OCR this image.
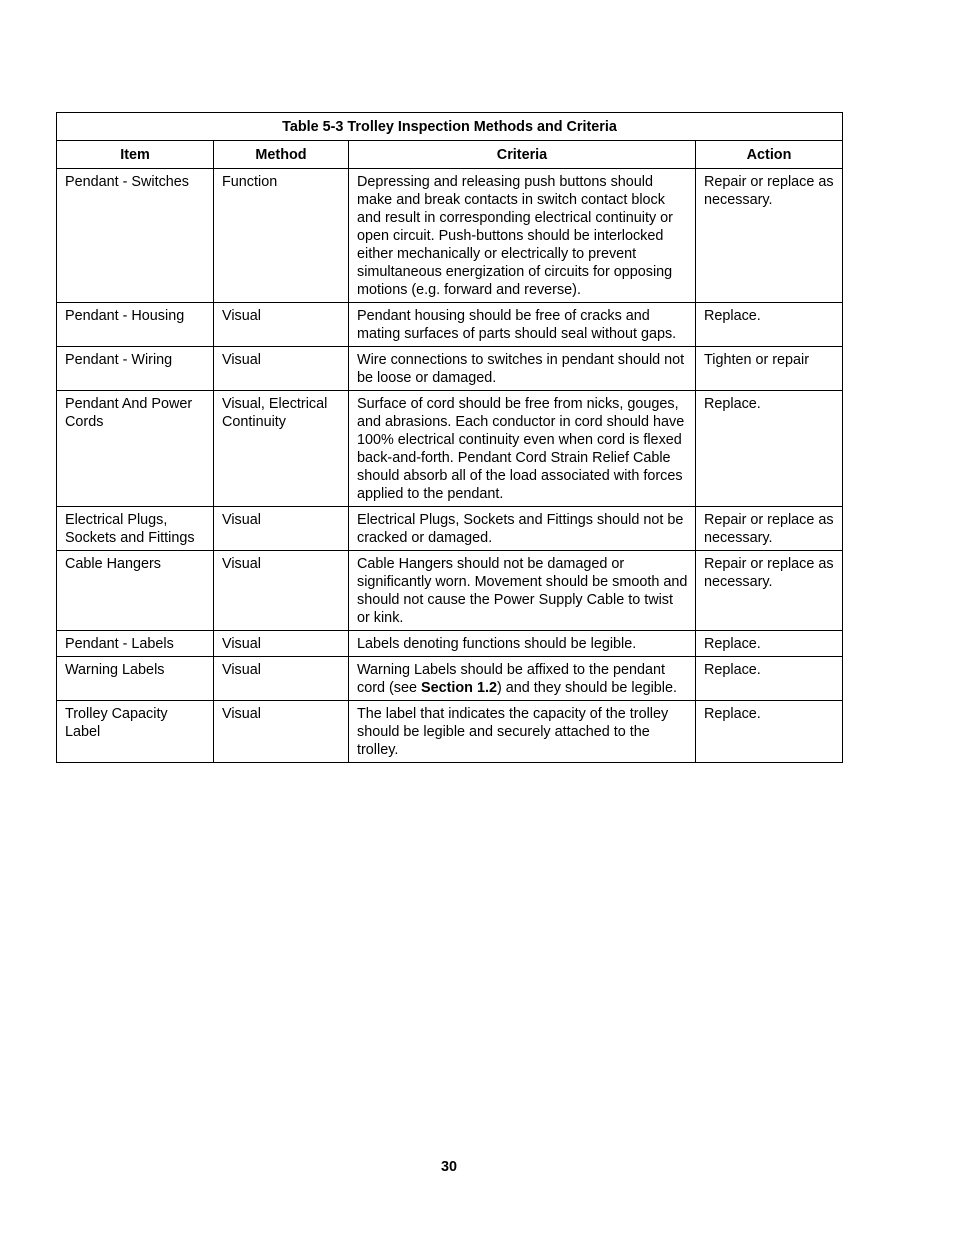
Table 5-3 Trolley Inspection Methods and Criteria			
Item	Method	Criteria	Action
Pendant - Switches	Function	Depressing and releasing push buttons should make and break contacts in switch contact block and result in corresponding electrical continuity or open circuit. Push-buttons should be interlocked either mechanically or electrically to prevent simultaneous energization of circuits for opposing motions (e.g. forward and reverse).	Repair or replace as necessary.
Pendant - Housing	Visual	Pendant housing should be free of cracks and mating surfaces of parts should seal without gaps.	Replace.
Pendant - Wiring	Visual	Wire connections to switches in pendant should not be loose or damaged.	Tighten or repair
Pendant And Power Cords	Visual, Electrical Continuity	Surface of cord should be free from nicks, gouges, and abrasions. Each conductor in cord should have 100% electrical continuity even when cord is flexed back-and-forth. Pendant Cord Strain Relief Cable should absorb all of the load associated with forces applied to the pendant.	Replace.
Electrical Plugs, Sockets and Fittings	Visual	Electrical Plugs, Sockets and Fittings should not be cracked or damaged.	Repair or replace as necessary.
Cable Hangers	Visual	Cable Hangers should not be damaged or significantly worn. Movement should be smooth and should not cause the Power Supply Cable to twist or kink.	Repair or replace as necessary.
Pendant - Labels	Visual	Labels denoting functions should be legible.	Replace.
Warning Labels	Visual	Warning Labels should be affixed to the pendant cord (see Section 1.2) and they should be legible.	Replace.
Trolley Capacity Label	Visual	The label that indicates the capacity of the trolley should be legible and securely attached to the trolley.	Replace.
30
